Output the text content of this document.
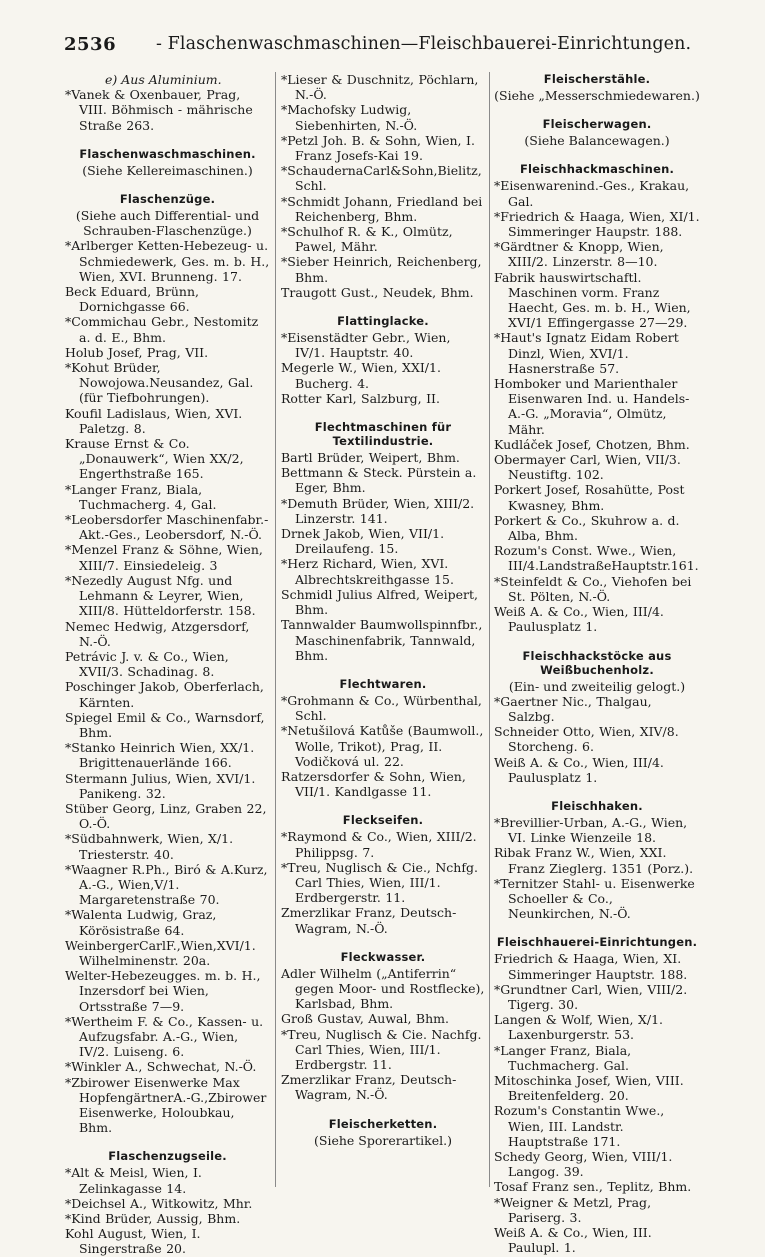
2536 - Flaschenwaschmaschinen—Fleischbauerei-Einrichtungen.

e) Aus Aluminium.

*Vanek & Oxenbauer, Prag, VIII. Böhmisch - mährische Straße 263.

Flaschenwaschmaschinen.

(Siehe Kellereimaschinen.)

Flaschenzüge.

(Siehe auch Differential- und Schrauben-Flaschenzüge.)

*Arlberger Ketten-Hebezeug- u. Schmiedewerk, Ges. m. b. H., Wien, XVI. Brunneng. 17.

Beck Eduard, Brünn, Dornichgasse 66.

*Commichau Gebr., Nestomitz a. d. E., Bhm.

Holub Josef, Prag, VII.

*Kohut Brüder, Nowojowa.Neusandez, Gal. (für Tiefbohrungen).

Koufil Ladislaus, Wien, XVI. Paletzg. 8.

Krause Ernst & Co. „Donauwerk“, Wien XX/2, Engerthstraße 165.

*Langer Franz, Biala, Tuchmacherg. 4, Gal.

*Leobersdorfer Maschinenfabr.-Akt.-Ges., Leobersdorf, N.-Ö.

*Menzel Franz & Söhne, Wien, XIII/7. Einsiedeleig. 3

*Nezedly August Nfg. und Lehmann & Leyrer, Wien, XIII/8. Hütteldorferstr. 158.

Nemec Hedwig, Atzgersdorf, N.-Ö.

Petrávic J. v. & Co., Wien, XVII/3. Schadinag. 8.

Poschinger Jakob, Oberferlach, Kärnten.

Spiegel Emil & Co., Warnsdorf, Bhm.

*Stanko Heinrich Wien, XX/1. Brigittenauerlände 166.

Stermann Julius, Wien, XVI/1. Panikeng. 32.

Stüber Georg, Linz, Graben 22, O.-Ö.

*Südbahnwerk, Wien, X/1. Triesterstr. 40.

*Waagner R.Ph., Biró & A.Kurz, A.-G., Wien,V/1. Margaretenstraße 70.

*Walenta Ludwig, Graz, Körösistraße 64.

WeinbergerCarlF.,Wien,XVI/1. Wilhelminenstr. 20a.

Welter-Hebezeugges. m. b. H., Inzersdorf bei Wien, Ortsstraße 7—9.

*Wertheim F. & Co., Kassen- u. Aufzugsfabr. A.-G., Wien, IV/2. Luiseng. 6.

*Winkler A., Schwechat, N.-Ö.

*Zbirower Eisenwerke Max HopfengärtnerA.-G.,Zbirower Eisenwerke, Holoubkau, Bhm.

Flaschenzugseile.

*Alt & Meisl, Wien, I. Zelinkagasse 14.

*Deichsel A., Witkowitz, Mhr.

*Kind Brüder, Aussig, Bhm.

Kohl August, Wien, I. Singerstraße 20.

*Lieser & Duschnitz, Pöchlarn, N.-Ö.

*Machofsky Ludwig, Siebenhirten, N.-Ö.

*Petzl Joh. B. & Sohn, Wien, I. Franz Josefs-Kai 19.

*SchaudernaCarl&Sohn,Bielitz, Schl.

*Schmidt Johann, Friedland bei Reichenberg, Bhm.

*Schulhof R. & K., Olmütz, Pawel, Mähr.

*Sieber Heinrich, Reichenberg, Bhm.

Traugott Gust., Neudek, Bhm.

Flattinglacke.

*Eisenstädter Gebr., Wien, IV/1. Hauptstr. 40.

Megerle W., Wien, XXI/1. Bucherg. 4.

Rotter Karl, Salzburg, II.

Flechtmaschinen für Textilindustrie.

Bartl Brüder, Weipert, Bhm.

Bettmann & Steck. Pürstein a. Eger, Bhm.

*Demuth Brüder, Wien, XIII/2. Linzerstr. 141.

Drnek Jakob, Wien, VII/1. Dreilaufeng. 15.

*Herz Richard, Wien, XVI. Albrechtskreithgasse 15.

Schmidl Julius Alfred, Weipert, Bhm.

Tannwalder Baumwollspinnfbr., Maschinenfabrik, Tannwald, Bhm.

Flechtwaren.

*Grohmann & Co., Würbenthal, Schl.

*Netušilová Katůše (Baumwoll., Wolle, Trikot), Prag, II. Vodičková ul. 22.

Ratzersdorfer & Sohn, Wien, VII/1. Kandlgasse 11.

Fleckseifen.

*Raymond & Co., Wien, XIII/2. Philippsg. 7.

*Treu, Nuglisch & Cie., Nchfg. Carl Thies, Wien, III/1. Erdbergerstr. 11.

Zmerzlikar Franz, Deutsch-Wagram, N.-Ö.

Fleckwasser.

Adler Wilhelm („Antiferrin“ gegen Moor- und Rostflecke), Karlsbad, Bhm.

Groß Gustav, Auwal, Bhm.

*Treu, Nuglisch & Cie. Nachfg. Carl Thies, Wien, III/1. Erdbergstr. 11.

Zmerzlikar Franz, Deutsch-Wagram, N.-Ö.

Fleischerketten.

(Siehe Sporerartikel.)

Fleischerstähle.

(Siehe „Messerschmiedewaren.)

Fleischerwagen.

(Siehe Balancewagen.)

Fleischhackmaschinen.

*Eisenwarenind.-Ges., Krakau, Gal.

*Friedrich & Haaga, Wien, XI/1. Simmeringer Haupstr. 188.

*Gärdtner & Knopp, Wien, XIII/2. Linzerstr. 8—10.

Fabrik hauswirtschaftl. Maschinen vorm. Franz Haecht, Ges. m. b. H., Wien, XVI/1 Effingergasse 27—29.

*Haut's Ignatz Eidam Robert Dinzl, Wien, XVI/1. Hasnerstraße 57.

Homboker und Marienthaler Eisenwaren Ind. u. Handels-A.-G. „Moravia“, Olmütz, Mähr.

Kudláček Josef, Chotzen, Bhm.

Obermayer Carl, Wien, VII/3. Neustiftg. 102.

Porkert Josef, Rosahütte, Post Kwasney, Bhm.

Porkert & Co., Skuhrow a. d. Alba, Bhm.

Rozum's Const. Wwe., Wien, III/4.LandstraßeHauptstr.161.

*Steinfeldt & Co., Viehofen bei St. Pölten, N.-Ö.

Weiß A. & Co., Wien, III/4. Paulusplatz 1.

Fleischhackstöcke aus Weißbuchenholz.

(Ein- und zweiteilig gelogt.)

*Gaertner Nic., Thalgau, Salzbg.

Schneider Otto, Wien, XIV/8. Storcheng. 6.

Weiß A. & Co., Wien, III/4. Paulusplatz 1.

Fleischhaken.

*Brevillier-Urban, A.-G., Wien, VI. Linke Wienzeile 18.

Ribak Franz W., Wien, XXI. Franz Zieglerg. 1351 (Porz.).

*Ternitzer Stahl- u. Eisenwerke Schoeller & Co., Neunkirchen, N.-Ö.

Fleischhauerei-Einrichtungen.

Friedrich & Haaga, Wien, XI. Simmeringer Hauptstr. 188.

*Grundtner Carl, Wien, VIII/2. Tigerg. 30.

Langen & Wolf, Wien, X/1. Laxenburgerstr. 53.

*Langer Franz, Biala, Tuchmacherg. Gal.

Mitoschinka Josef, Wien, VIII. Breitenfelderg. 20.

Rozum's Constantin Wwe., Wien, III. Landstr. Hauptstraße 171.

Schedy Georg, Wien, VIII/1. Langog. 39.

Tosaf Franz sen., Teplitz, Bhm.

*Weigner & Metzl, Prag, Pariserg. 3.

Weiß A. & Co., Wien, III. Paulupl. 1.
